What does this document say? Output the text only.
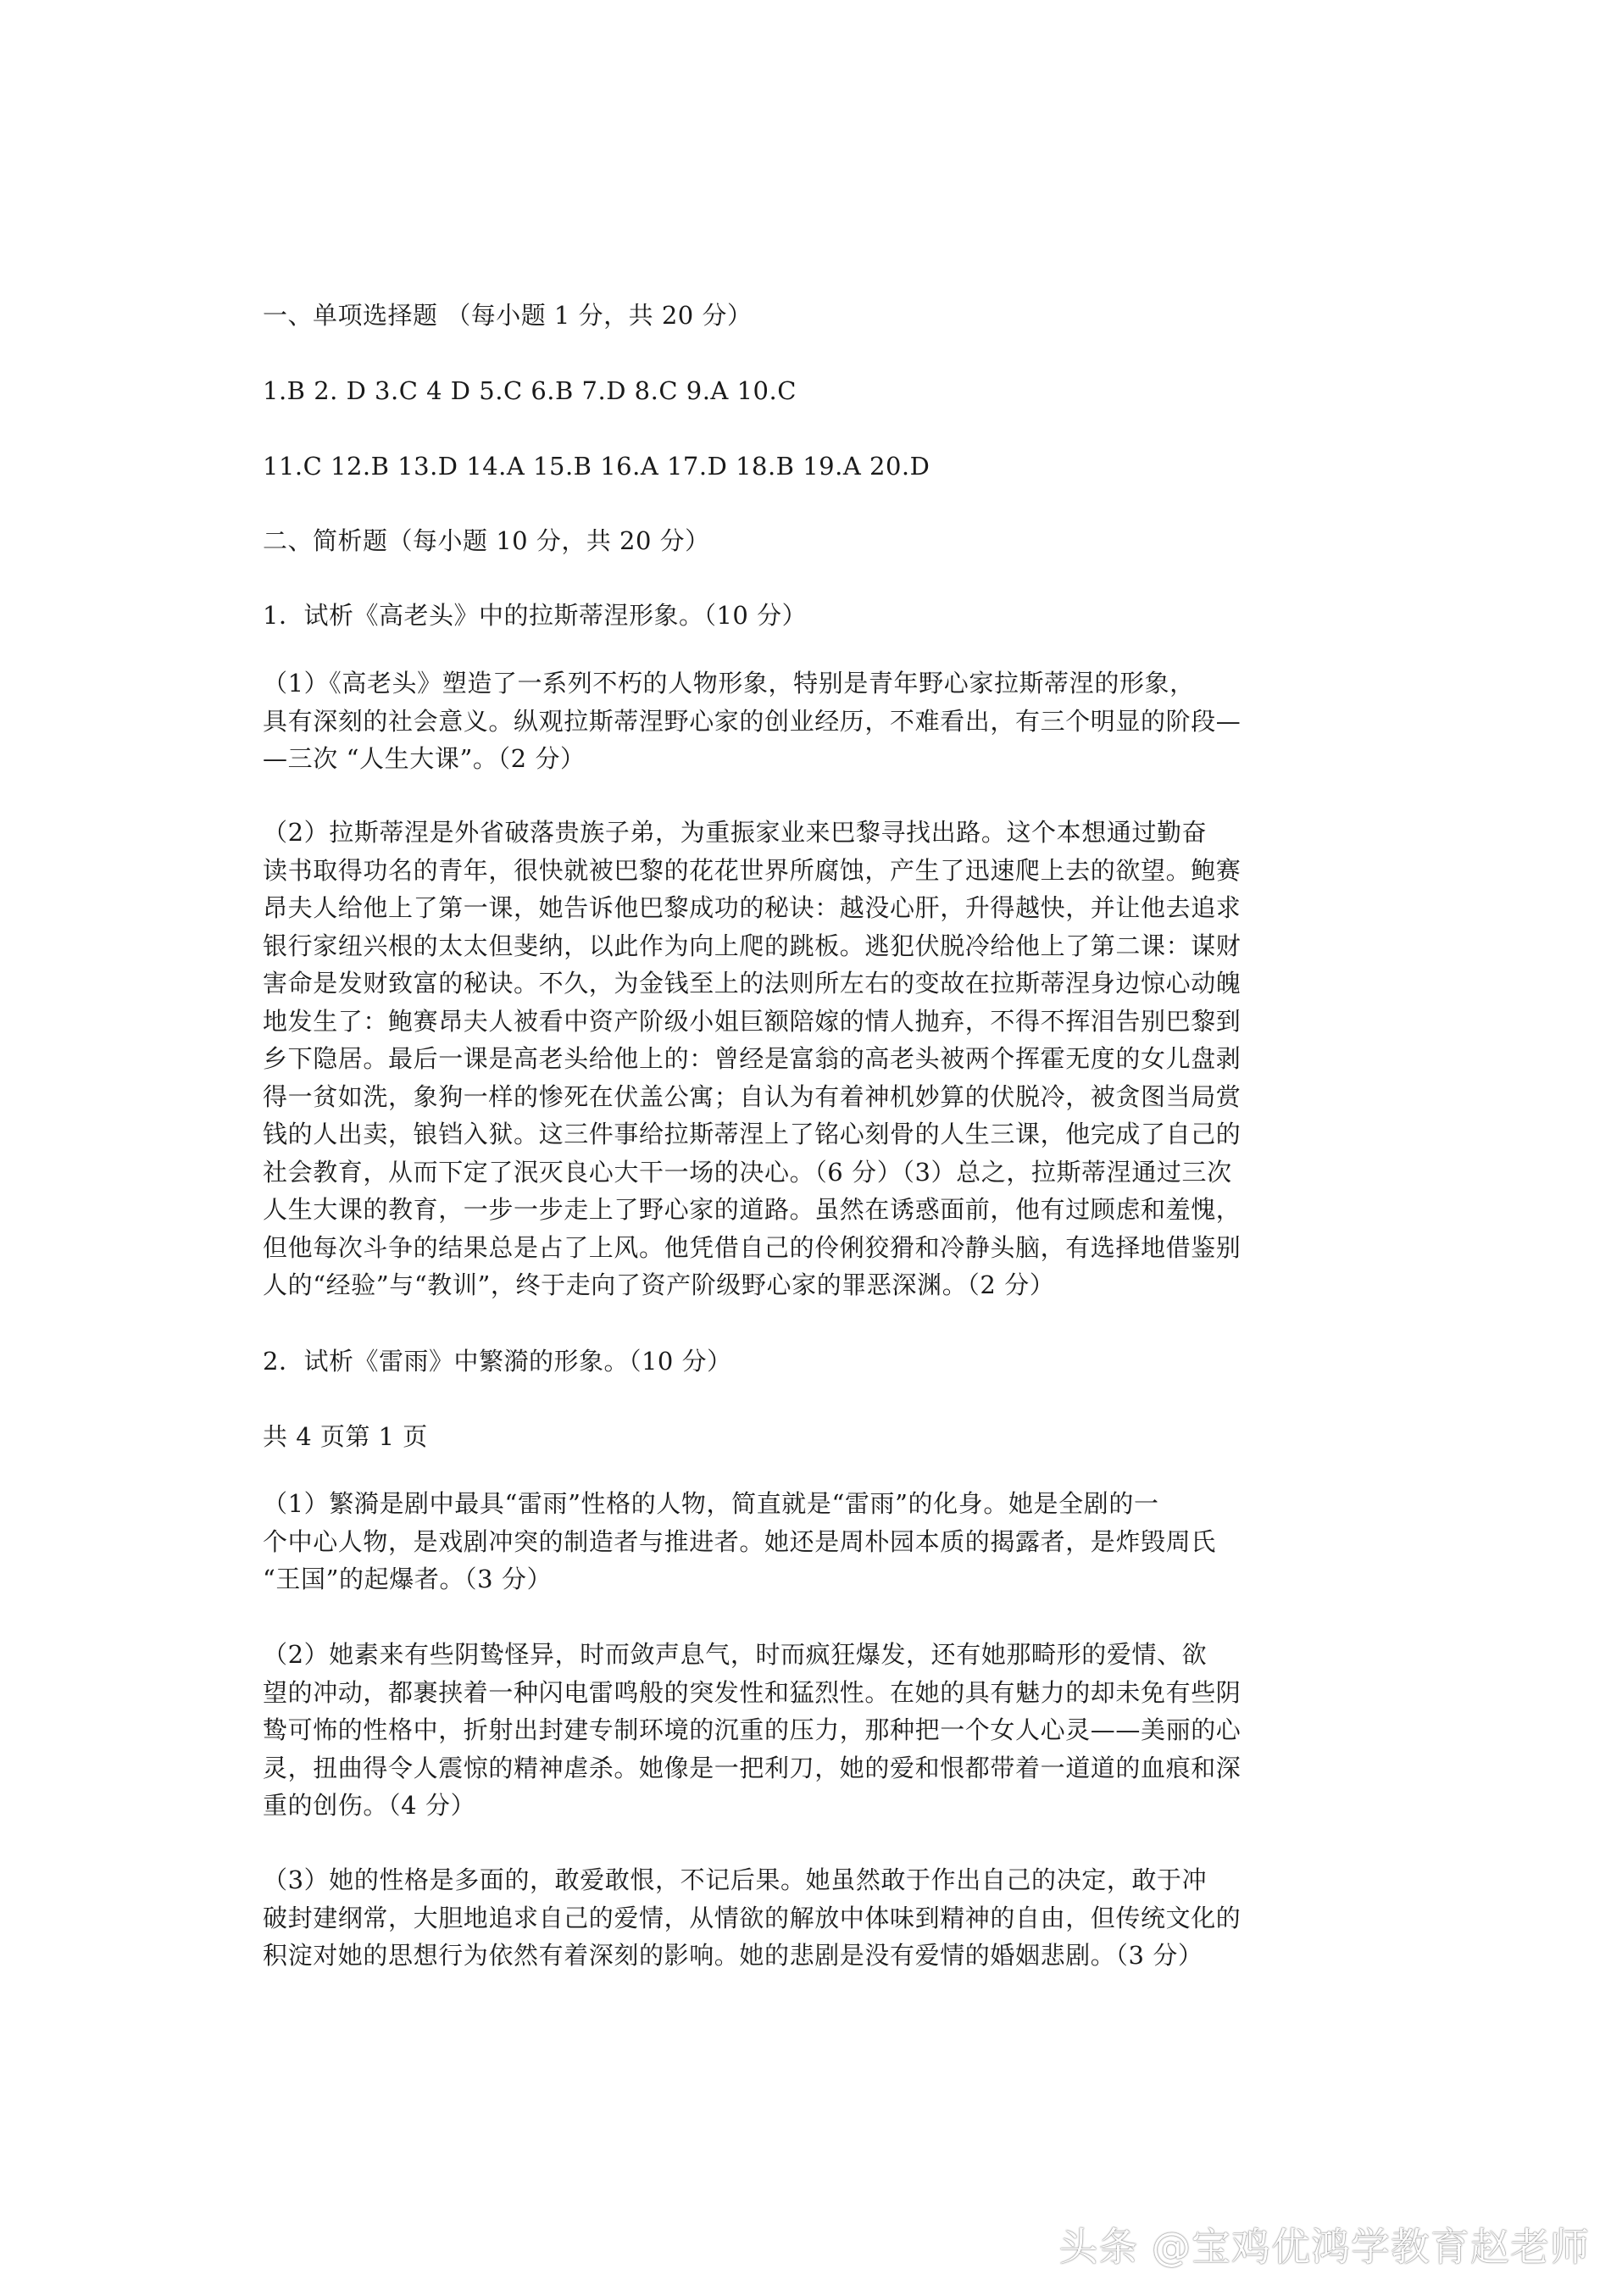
一、单项选择题 （每小题 1 分，共 20 分）
1.B 2. D 3.C 4 D 5.C 6.B 7.D 8.C 9.A 10.C
11.C 12.B 13.D 14.A 15.B 16.A 17.D 18.B 19.A 20.D
二、简析题（每小题 10 分，共 20 分）
1．试析《高老头》中的拉斯蒂涅形象。（10 分）
（1）《高老头》塑造了一系列不朽的人物形象，特别是青年野心家拉斯蒂涅的形象，
具有深刻的社会意义。纵观拉斯蒂涅野心家的创业经历，不难看出，有三个明显的阶段—
—三次 “人生大课”。（2 分）
（2）拉斯蒂涅是外省破落贵族子弟，为重振家业来巴黎寻找出路。这个本想通过勤奋
读书取得功名的青年，很快就被巴黎的花花世界所腐蚀，产生了迅速爬上去的欲望。鲍赛
昂夫人给他上了第一课，她告诉他巴黎成功的秘诀：越没心肝，升得越快，并让他去追求
银行家纽兴根的太太但斐纳，以此作为向上爬的跳板。逃犯伏脱冷给他上了第二课：谋财
害命是发财致富的秘诀。不久，为金钱至上的法则所左右的变故在拉斯蒂涅身边惊心动魄
地发生了：鲍赛昂夫人被看中资产阶级小姐巨额陪嫁的情人抛弃，不得不挥泪告别巴黎到
乡下隐居。最后一课是高老头给他上的：曾经是富翁的高老头被两个挥霍无度的女儿盘剥
得一贫如洗，象狗一样的惨死在伏盖公寓；自认为有着神机妙算的伏脱冷，被贪图当局赏
钱的人出卖，锒铛入狱。这三件事给拉斯蒂涅上了铭心刻骨的人生三课，他完成了自己的
社会教育，从而下定了泯灭良心大干一场的决心。（6 分）（3）总之，拉斯蒂涅通过三次
人生大课的教育，一步一步走上了野心家的道路。虽然在诱惑面前，他有过顾虑和羞愧，
但他每次斗争的结果总是占了上风。他凭借自己的伶俐狡猾和冷静头脑，有选择地借鉴别
人的“经验”与“教训”，终于走向了资产阶级野心家的罪恶深渊。（2 分）
2．试析《雷雨》中繁漪的形象。（10 分）
共 4 页第 1 页
（1）繁漪是剧中最具“雷雨”性格的人物，简直就是“雷雨”的化身。她是全剧的一
个中心人物，是戏剧冲突的制造者与推进者。她还是周朴园本质的揭露者，是炸毁周氏
“王国”的起爆者。（3 分）
（2）她素来有些阴鸷怪异，时而敛声息气，时而疯狂爆发，还有她那畸形的爱情、欲
望的冲动，都裹挟着一种闪电雷鸣般的突发性和猛烈性。在她的具有魅力的却未免有些阴
鸷可怖的性格中，折射出封建专制环境的沉重的压力，那种把一个女人心灵——美丽的心
灵，扭曲得令人震惊的精神虐杀。她像是一把利刀，她的爱和恨都带着一道道的血痕和深
重的创伤。（4 分）
（3）她的性格是多面的，敢爱敢恨，不记后果。她虽然敢于作出自己的决定，敢于冲
破封建纲常，大胆地追求自己的爱情，从情欲的解放中体味到精神的自由，但传统文化的
积淀对她的思想行为依然有着深刻的影响。她的悲剧是没有爱情的婚姻悲剧。（3 分）
头条 @宝鸡优鸿学教育赵老师
